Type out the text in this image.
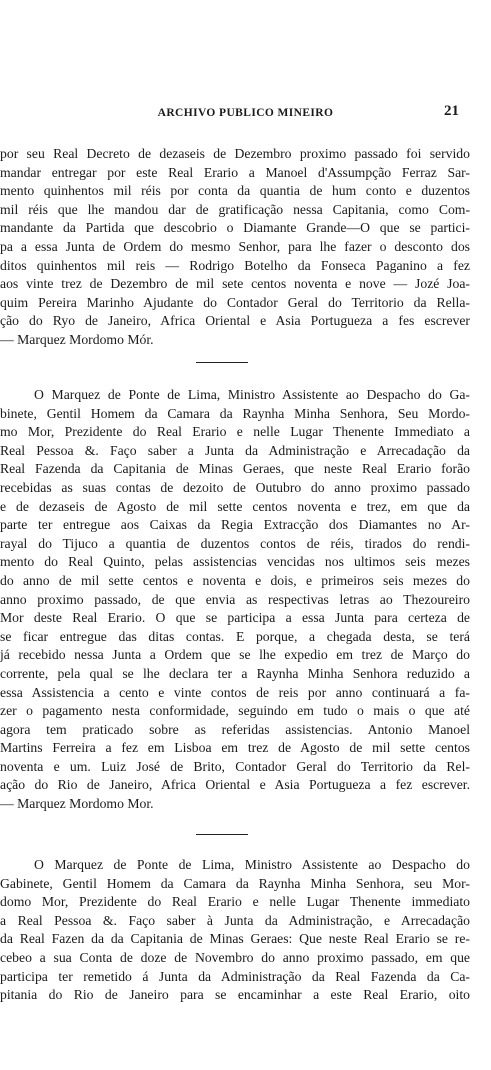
ARCHIVO PUBLICO MINEIRO	21
por seu Real Decreto de dezaseis de Dezembro proximo passado foi servido
mandar entregar por este Real Erario a Manoel d'Assumpção Ferraz Sar-
mento quinhentos mil réis por conta da quantia de hum conto e duzentos
mil réis que lhe mandou dar de gratificação nessa Capitania, como Com-
mandante da Partida que descobrio o Diamante Grande—O que se partici-
pa a essa Junta de Ordem do mesmo Senhor, para lhe fazer o desconto dos
ditos quinhentos mil reis — Rodrigo Botelho da Fonseca Paganino a fez
aos vinte trez de Dezembro de mil sete centos noventa e nove — Jozé Joa-
quim Pereira Marinho Ajudante do Contador Geral do Territorio da Rella-
ção do Ryo de Janeiro, Africa Oriental e Asia Portugueza a fes escrever
— Marquez Mordomo Mór.
O Marquez de Ponte de Lima, Ministro Assistente ao Despacho do Ga-
binete, Gentil Homem da Camara da Raynha Minha Senhora, Seu Mordo-
mo Mor, Prezidente do Real Erario e nelle Lugar Thenente Immediato a
Real Pessoa &. Faço saber a Junta da Administração e Arrecadação da
Real Fazenda da Capitania de Minas Geraes, que neste Real Erario forão
recebidas as suas contas de dezoito de Outubro do anno proximo passado
e de dezaseis de Agosto de mil sette centos noventa e trez, em que da
parte ter entregue aos Caixas da Regia Extracção dos Diamantes no Ar-
rayal do Tijuco a quantia de duzentos contos de réis, tirados do rendi-
mento do Real Quinto, pelas assistencias vencidas nos ultimos seis mezes
do anno de mil sette centos e noventa e dois, e primeiros seis mezes do
anno proximo passado, de que envia as respectivas letras ao Thezoureiro
Mor deste Real Erario. O que se participa a essa Junta para certeza de
se ficar entregue das ditas contas. E porque, a chegada desta, se terá
já recebido nessa Junta a Ordem que se lhe expedio em trez de Março do
corrente, pela qual se lhe declara ter a Raynha Minha Senhora reduzido a
essa Assistencia a cento e vinte contos de reis por anno continuará a fa-
zer o pagamento nesta conformidade, seguindo em tudo o mais o que até
agora tem praticado sobre as referidas assistencias. Antonio Manoel
Martins Ferreira a fez em Lisboa em trez de Agosto de mil sette centos
noventa e um. Luiz José de Brito, Contador Geral do Territorio da Rel-
ação do Rio de Janeiro, Africa Oriental e Asia Portugueza a fez escrever.
— Marquez Mordomo Mor.
O Marquez de Ponte de Lima, Ministro Assistente ao Despacho do
Gabinete, Gentil Homem da Camara da Raynha Minha Senhora, seu Mor-
domo Mor, Prezidente do Real Erario e nelle Lugar Thenente immediato
a Real Pessoa &. Faço saber à Junta da Administração, e Arrecadação
da Real Fazen da da Capitania de Minas Geraes: Que neste Real Erario se re-
cebeo a sua Conta de doze de Novembro do anno proximo passado, em que
participa ter remetido á Junta da Administração da Real Fazenda da Ca-
pitania do Rio de Janeiro para se encaminhar a este Real Erario, oito
